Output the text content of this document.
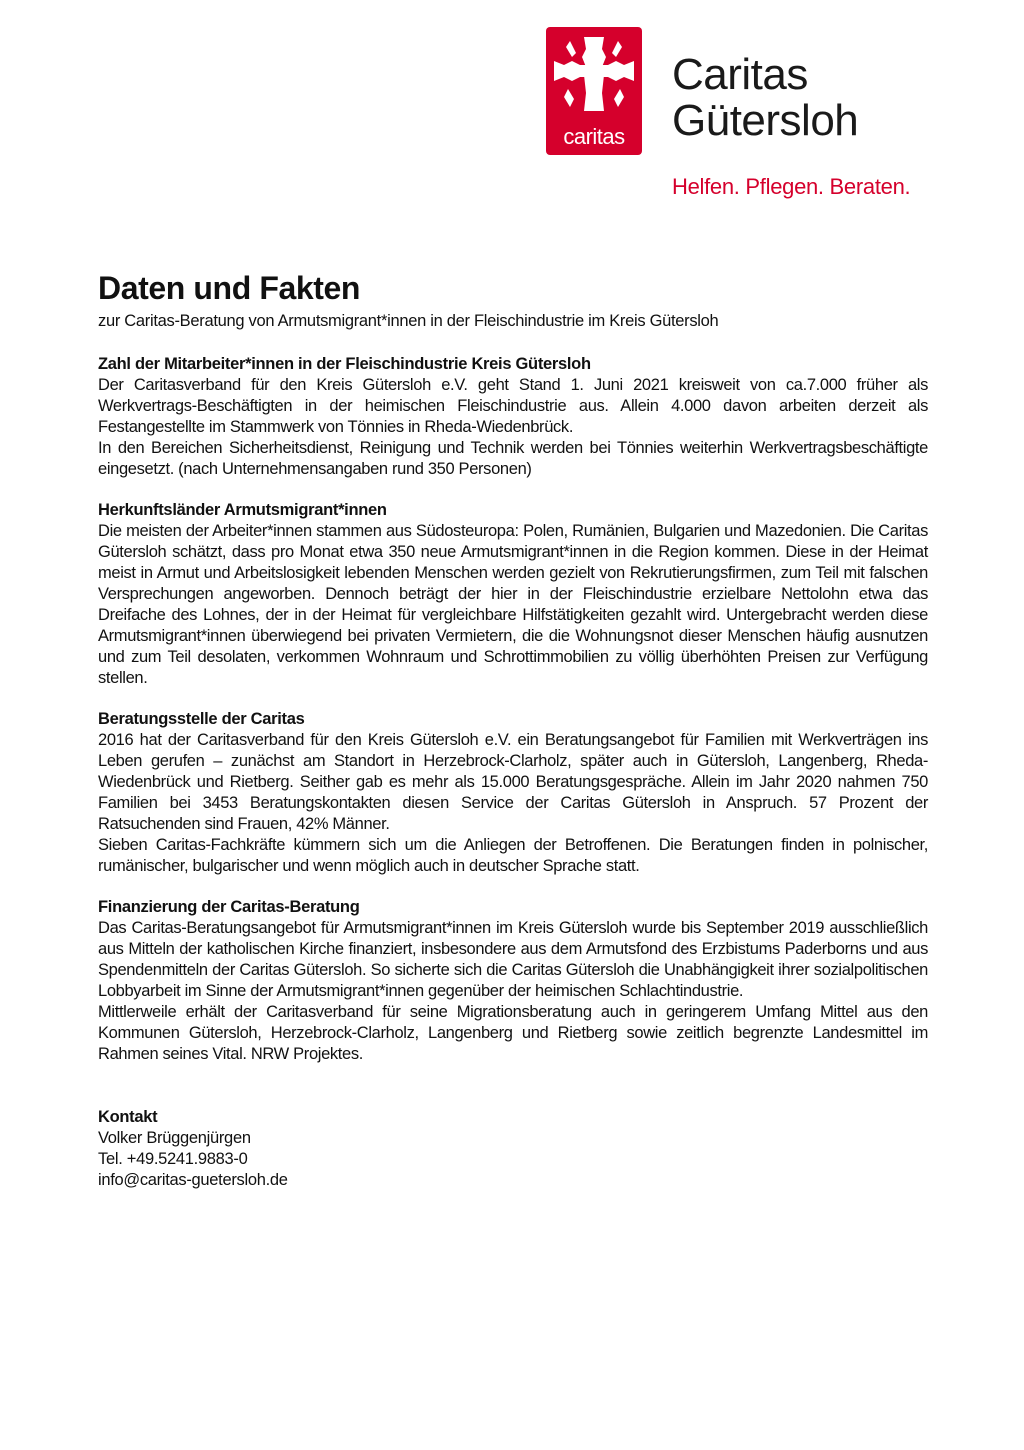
caritas
Caritas
Gütersloh
Helfen. Pflegen. Beraten.
Daten und Fakten
zur Caritas-Beratung von Armutsmigrant*innen in der Fleischindustrie im Kreis Gütersloh
Zahl der Mitarbeiter*innen in der Fleischindustrie Kreis Gütersloh

Der Caritasverband für den Kreis Gütersloh e.V. geht Stand 1. Juni 2021 kreisweit von ca.7.000 früher als Werkvertrags-Beschäftigten in der heimischen Fleischindustrie aus. Allein 4.000 davon arbeiten derzeit als Festangestellte im Stammwerk von Tönnies in Rheda-Wiedenbrück.

In den Bereichen Sicherheitsdienst, Reinigung und Technik werden bei Tönnies weiterhin Werkvertragsbeschäftigte eingesetzt. (nach Unternehmensangaben rund 350 Personen)

Herkunftsländer Armutsmigrant*innen

Die meisten der Arbeiter*innen stammen aus Südosteuropa: Polen, Rumänien, Bulgarien und Mazedonien. Die Caritas Gütersloh schätzt, dass pro Monat etwa 350 neue Armutsmigrant*innen in die Region kommen. Diese in der Heimat meist in Armut und Arbeitslosigkeit lebenden Menschen werden gezielt von Rekrutierungsfirmen, zum Teil mit falschen Versprechungen angeworben. Dennoch beträgt der hier in der Fleischindustrie erzielbare Nettolohn etwa das Dreifache des Lohnes, der in der Heimat für vergleichbare Hilfstätigkeiten gezahlt wird. Untergebracht werden diese Armutsmigrant*innen überwiegend bei privaten Vermietern, die die Wohnungsnot dieser Menschen häufig ausnutzen und zum Teil desolaten, verkommen Wohnraum und Schrottimmobilien zu völlig überhöhten Preisen zur Verfügung stellen.

Beratungsstelle der Caritas

2016 hat der Caritasverband für den Kreis Gütersloh e.V. ein Beratungsangebot für Familien mit Werkverträgen ins Leben gerufen – zunächst am Standort in Herzebrock-Clarholz, später auch in Gütersloh, Langenberg, Rheda-Wiedenbrück und Rietberg. Seither gab es mehr als 15.000 Beratungsgespräche. Allein im Jahr 2020 nahmen 750 Familien bei 3453 Beratungskontakten diesen Service der Caritas Gütersloh in Anspruch. 57 Prozent der Ratsuchenden sind Frauen, 42% Männer.

Sieben Caritas-Fachkräfte kümmern sich um die Anliegen der Betroffenen. Die Beratungen finden in polnischer, rumänischer, bulgarischer und wenn möglich auch in deutscher Sprache statt.

Finanzierung der Caritas-Beratung

Das Caritas-Beratungsangebot für Armutsmigrant*innen im Kreis Gütersloh wurde bis September 2019 ausschließlich aus Mitteln der katholischen Kirche finanziert, insbesondere aus dem Armutsfond des Erzbistums Paderborns und aus Spendenmitteln der Caritas Gütersloh. So sicherte sich die Caritas Gütersloh die Unabhängigkeit ihrer sozialpolitischen Lobbyarbeit im Sinne der Armutsmigrant*innen gegenüber der heimischen Schlachtindustrie.

Mittlerweile erhält der Caritasverband für seine Migrationsberatung auch in geringerem Umfang Mittel aus den Kommunen Gütersloh, Herzebrock-Clarholz, Langenberg und Rietberg sowie zeitlich begrenzte Landesmittel im Rahmen seines Vital. NRW Projektes.

Kontakt
Volker Brüggenjürgen
Tel. +49.5241.9883-0
info@caritas-guetersloh.de
